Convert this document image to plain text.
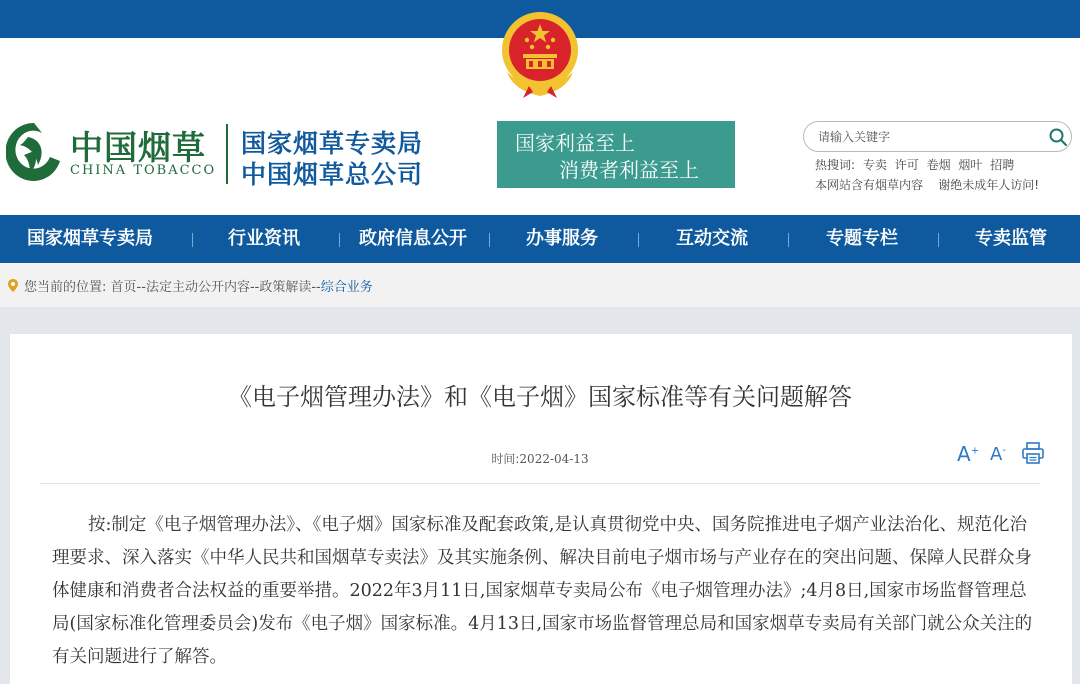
中国烟草
CHINA TOBACCO
国家烟草专卖局
中国烟草总公司
国家利益至上
消费者利益至上
请输入关键字	热搜词: 专卖 许可 卷烟 烟叶 招聘
本网站含有烟草内容    谢绝未成年人访问!
国家烟草专卖局	行业资讯	政府信息公开	办事服务	互动交流	专题专栏	专卖监管
您当前的位置: 首页--法定主动公开内容--政策解读--综合业务
《电子烟管理办法》和《电子烟》国家标准等有关问题解答
时间:2022-04-13	A+ A-
按:制定《电子烟管理办法》、《电子烟》国家标准及配套政策,是认真贯彻党中央、国务院推进电子烟产业法治化、规范化治理要求、深入落实《中华人民共和国烟草专卖法》及其实施条例、解决目前电子烟市场与产业存在的突出问题、保障人民群众身体健康和消费者合法权益的重要举措。2022年3月11日,国家烟草专卖局公布《电子烟管理办法》;4月8日,国家市场监督管理总局(国家标准化管理委员会)发布《电子烟》国家标准。4月13日,国家市场监督管理总局和国家烟草专卖局有关部门就公众关注的有关问题进行了解答。
